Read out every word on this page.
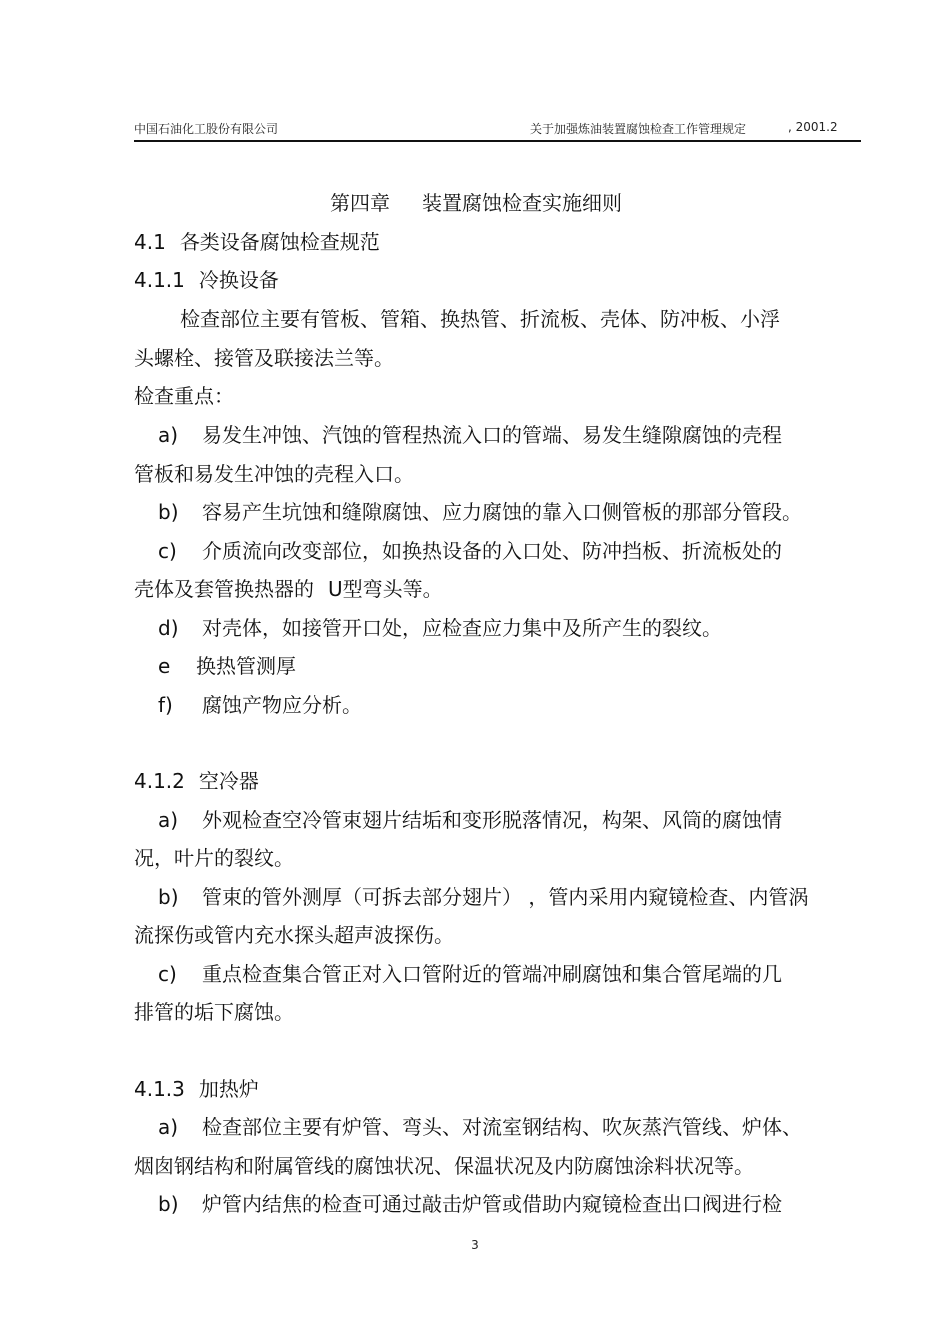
中国石油化工股份有限公司	关于加强炼油装置腐蚀检查工作管理规定	, 2001.2
第四章 装置腐蚀检查实施细则
4.1 各类设备腐蚀检查规范
4.1.1 冷换设备
检查部位主要有管板、管箱、换热管、折流板、壳体、防冲板、小浮
头螺栓、接管及联接法兰等。
检查重点：
a) 易发生冲蚀、汽蚀的管程热流入口的管端、易发生缝隙腐蚀的壳程
管板和易发生冲蚀的壳程入口。
b) 容易产生坑蚀和缝隙腐蚀、应力腐蚀的靠入口侧管板的那部分管段。
c) 介质流向改变部位，如换热设备的入口处、防冲挡板、折流板处的
壳体及套管换热器的 U型弯头等。
d) 对壳体，如接管开口处，应检查应力集中及所产生的裂纹。
e 换热管测厚
f) 腐蚀产物应分析。
4.1.2 空冷器
a) 外观检查空冷管束翅片结垢和变形脱落情况，构架、风筒的腐蚀情
况，叶片的裂纹。
b) 管束的管外测厚（可拆去部分翅片） ，管内采用内窥镜检查、内管涡
流探伤或管内充水探头超声波探伤。
c) 重点检查集合管正对入口管附近的管端冲刷腐蚀和集合管尾端的几
排管的垢下腐蚀。
4.1.3 加热炉
a) 检查部位主要有炉管、弯头、对流室钢结构、吹灰蒸汽管线、炉体、
烟囱钢结构和附属管线的腐蚀状况、保温状况及内防腐蚀涂料状况等。
b) 炉管内结焦的检查可通过敲击炉管或借助内窥镜检查出口阀进行检
3
